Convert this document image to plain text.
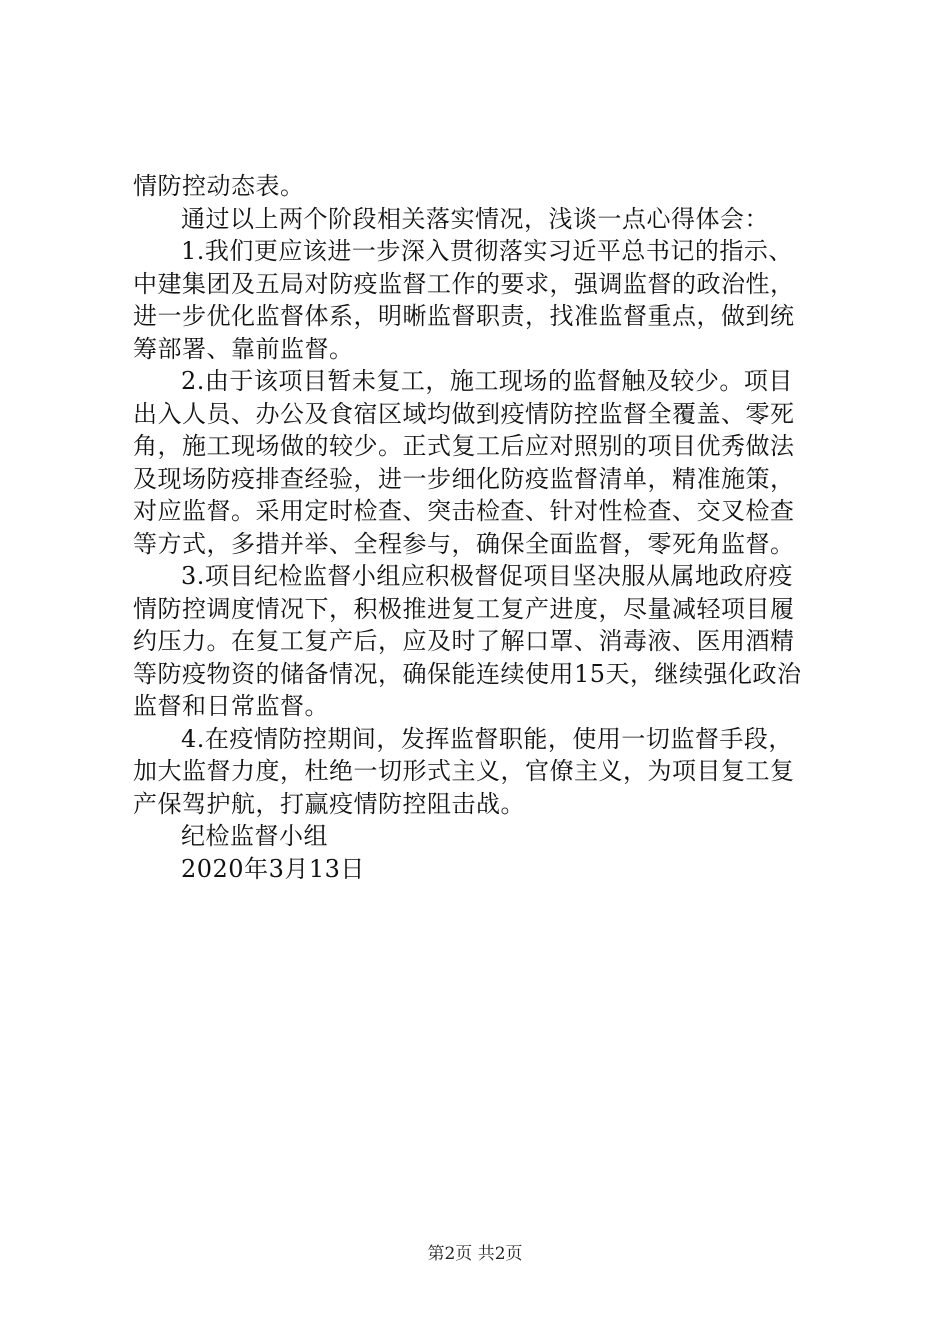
情防控动态表。
通过以上两个阶段相关落实情况，浅谈一点心得体会：
1.我们更应该进一步深入贯彻落实习近平总书记的指示、
中建集团及五局对防疫监督工作的要求，强调监督的政治性，
进一步优化监督体系，明晰监督职责，找准监督重点，做到统
筹部署、靠前监督。
2.由于该项目暂未复工，施工现场的监督触及较少。项目
出入人员、办公及食宿区域均做到疫情防控监督全覆盖、零死
角，施工现场做的较少。正式复工后应对照别的项目优秀做法
及现场防疫排查经验，进一步细化防疫监督清单，精准施策，
对应监督。采用定时检查、突击检查、针对性检查、交叉检查
等方式，多措并举、全程参与，确保全面监督，零死角监督。
3.项目纪检监督小组应积极督促项目坚决服从属地政府疫
情防控调度情况下，积极推进复工复产进度，尽量减轻项目履
约压力。在复工复产后，应及时了解口罩、消毒液、医用酒精
等防疫物资的储备情况，确保能连续使用15天，继续强化政治
监督和日常监督。
4.在疫情防控期间，发挥监督职能，使用一切监督手段，
加大监督力度，杜绝一切形式主义，官僚主义，为项目复工复
产保驾护航，打赢疫情防控阻击战。
纪检监督小组
2020年3月13日
第2页 共2页
